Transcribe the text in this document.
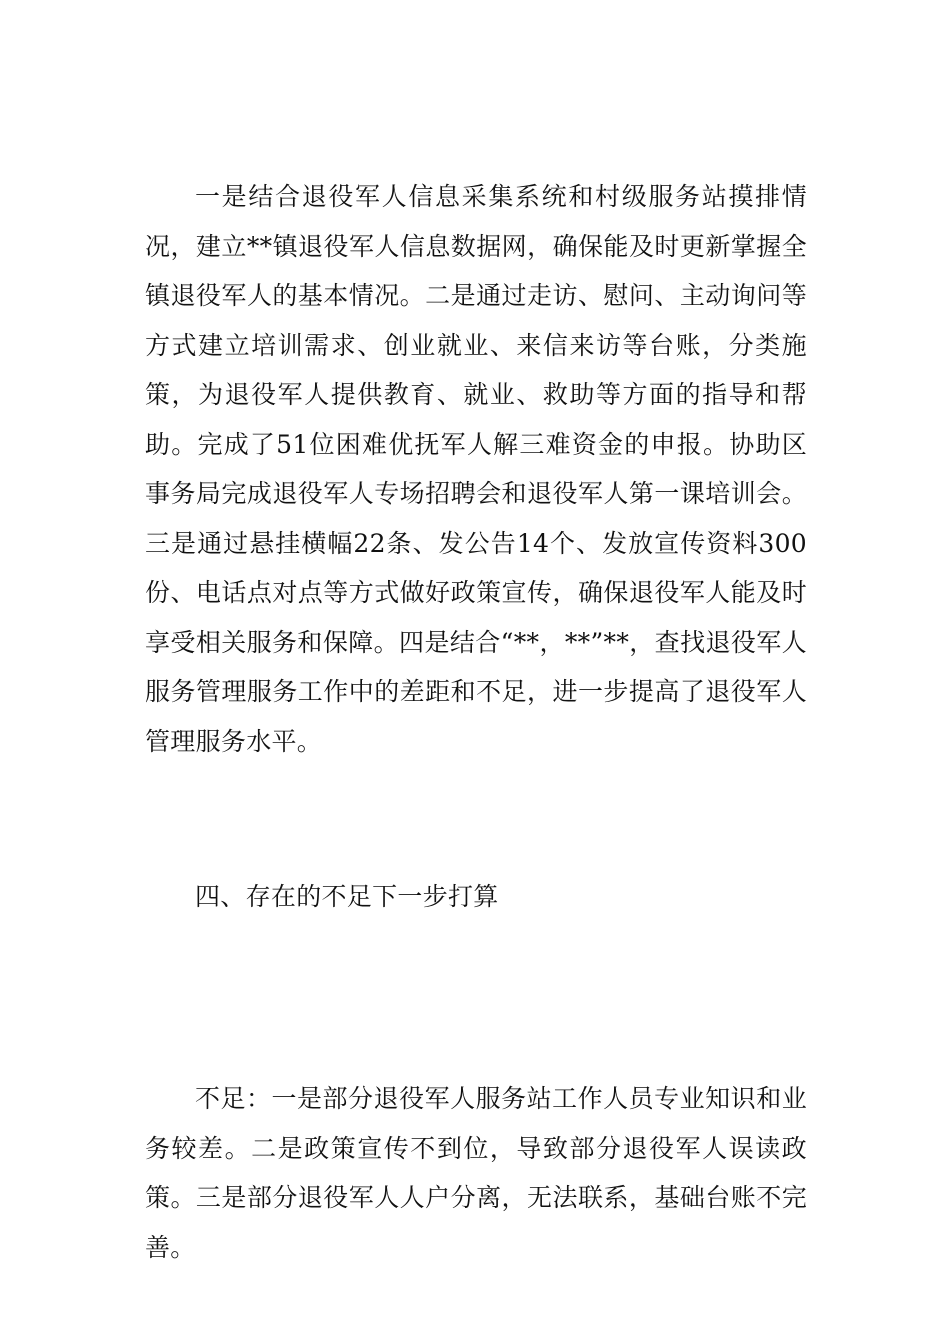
一是结合退役军人信息采集系统和村级服务站摸排情况，建立**镇退役军人信息数据网，确保能及时更新掌握全镇退役军人的基本情况。二是通过走访、慰问、主动询问等方式建立培训需求、创业就业、来信来访等台账，分类施策，为退役军人提供教育、就业、救助等方面的指导和帮助。完成了51位困难优抚军人解三难资金的申报。协助区事务局完成退役军人专场招聘会和退役军人第一课培训会。三是通过悬挂横幅22条、发公告14个、发放宣传资料300份、电话点对点等方式做好政策宣传，确保退役军人能及时享受相关服务和保障。四是结合“**，**”**，查找退役军人服务管理服务工作中的差距和不足，进一步提高了退役军人管理服务水平。

四、存在的不足下一步打算

不足：一是部分退役军人服务站工作人员专业知识和业务较差。二是政策宣传不到位，导致部分退役军人误读政策。三是部分退役军人人户分离，无法联系，基础台账不完善。
